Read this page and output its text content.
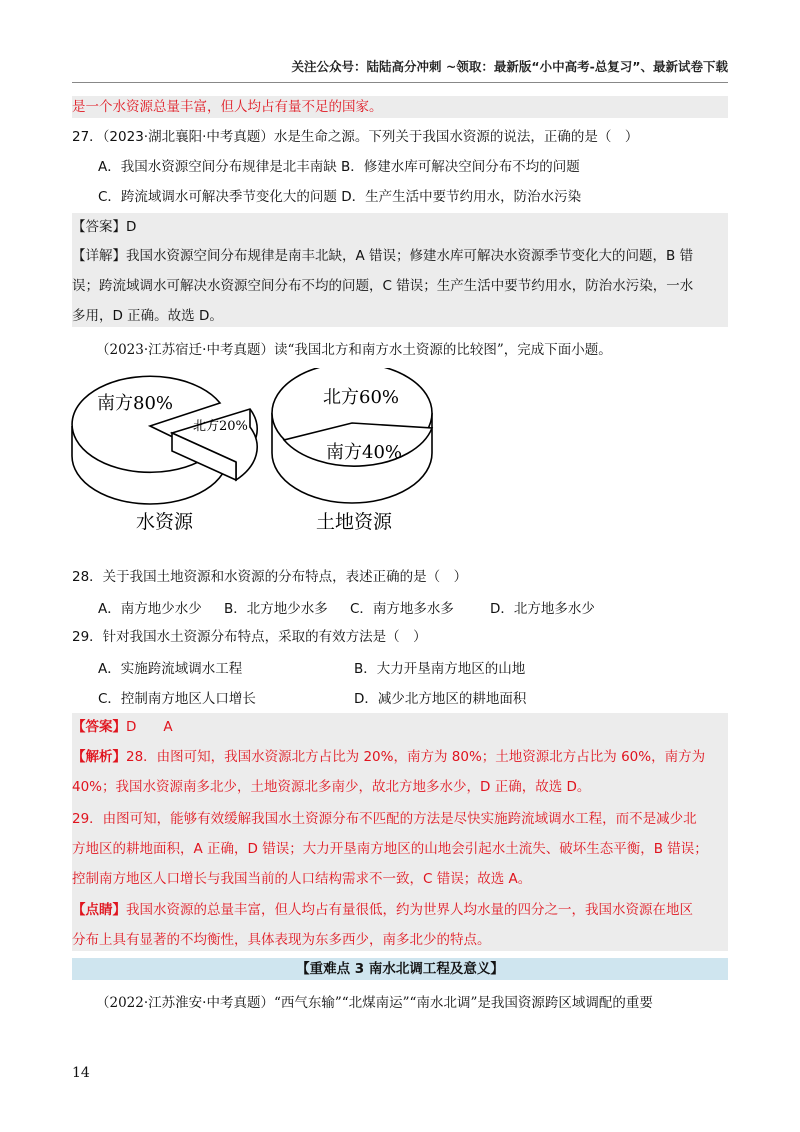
关注公众号：陆陆高分冲刺 ~领取：最新版“小中高考-总复习”、最新试卷下载
是一个水资源总量丰富，但人均占有量不足的国家。
27．（2023·湖北襄阳·中考真题）水是生命之源。下列关于我国水资源的说法，正确的是（　）
A．我国水资源空间分布规律是北丰南缺 B．修建水库可解决空间分布不均的问题
C．跨流域调水可解决季节变化大的问题 D．生产生活中要节约用水，防治水污染
【答案】D
【详解】我国水资源空间分布规律是南丰北缺，A 错误；修建水库可解决水资源季节变化大的问题，B 错
误；跨流域调水可解决水资源空间分布不均的问题，C 错误；生产生活中要节约用水，防治水污染，一水
多用，D 正确。故选 D。
（2023·江苏宿迁·中考真题）读“我国北方和南方水土资源的比较图”，完成下面小题。
南方80%
北方20%
水资源
北方60%
南方40%
土地资源
28．关于我国土地资源和水资源的分布特点，表述正确的是（　）
A．南方地少水少 B．北方地少水多 C．南方地多水多	D．北方地多水少
29．针对我国水土资源分布特点，采取的有效方法是（　）
A．实施跨流域调水工程	B．大力开垦南方地区的山地
C．控制南方地区人口增长	D．减少北方地区的耕地面积
【答案】D　　A
【解析】28．由图可知，我国水资源北方占比为 20%，南方为 80%；土地资源北方占比为 60%，南方为
40%；我国水资源南多北少，土地资源北多南少，故北方地多水少，D 正确，故选 D。
29．由图可知，能够有效缓解我国水土资源分布不匹配的方法是尽快实施跨流域调水工程，而不是减少北
方地区的耕地面积，A 正确，D 错误；大力开垦南方地区的山地会引起水土流失、破坏生态平衡，B 错误；
控制南方地区人口增长与我国当前的人口结构需求不一致，C 错误；故选 A。
【点睛】我国水资源的总量丰富，但人均占有量很低，约为世界人均水量的四分之一，我国水资源在地区
分布上具有显著的不均衡性，具体表现为东多西少，南多北少的特点。
【重难点 3 南水北调工程及意义】
（2022·江苏淮安·中考真题）“西气东输”“北煤南运”“南水北调”是我国资源跨区域调配的重要
14
